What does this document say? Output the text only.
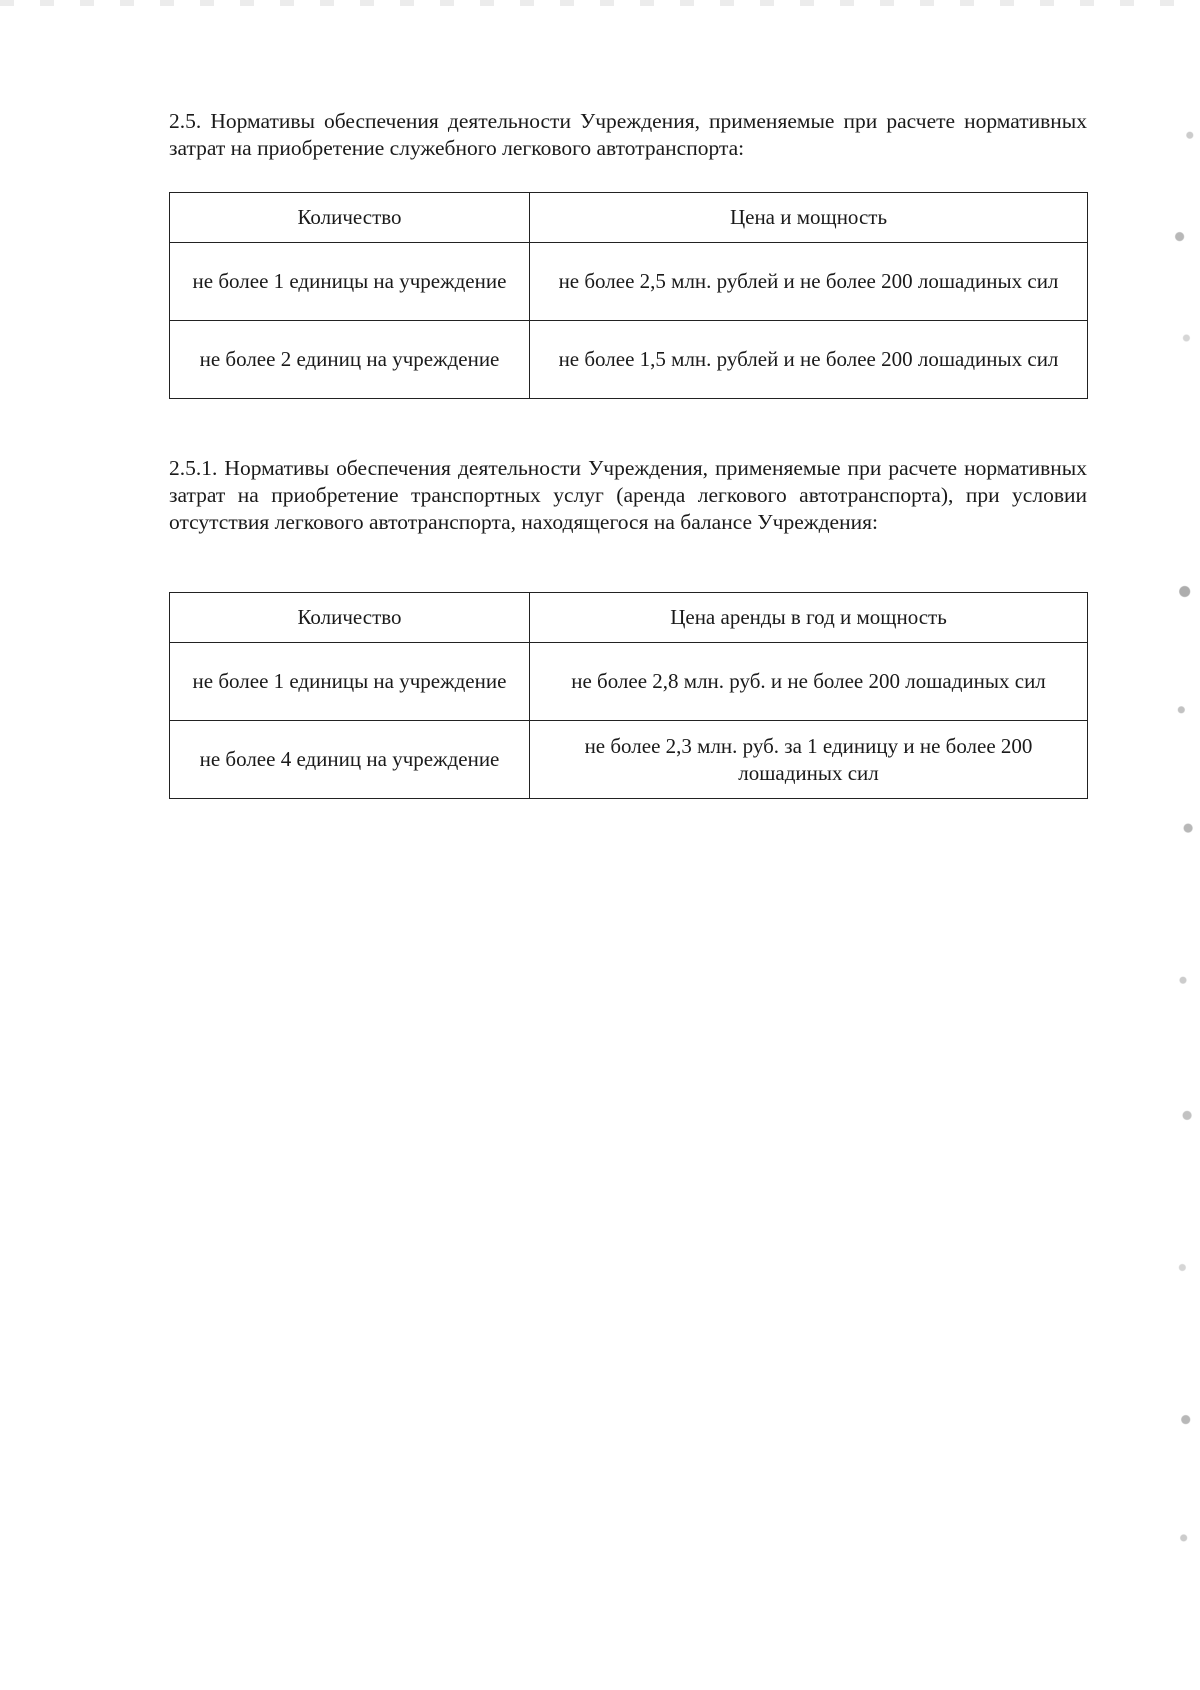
2.5. Нормативы обеспечения деятельности Учреждения, применяемые при расчете нормативных затрат на приобретение служебного легкового автотранспорта:

Количество	Цена и мощность
не более 1 единицы на учреждение	не более 2,5 млн. рублей и не более 200 лошадиных сил
не более 2 единиц на учреждение	не более 1,5 млн. рублей и не более 200 лошадиных сил

2.5.1. Нормативы обеспечения деятельности Учреждения, применяемые при расчете нормативных затрат на приобретение транспортных услуг (аренда легкового автотранспорта), при условии отсутствия легкового автотранспорта, находящегося на балансе Учреждения:

Количество	Цена аренды в год и мощность
не более 1 единицы на учреждение	не более 2,8 млн. руб. и не более 200 лошадиных сил
не более 4 единиц на учреждение	не более 2,3 млн. руб. за 1 единицу и не более 200 лошадиных сил
